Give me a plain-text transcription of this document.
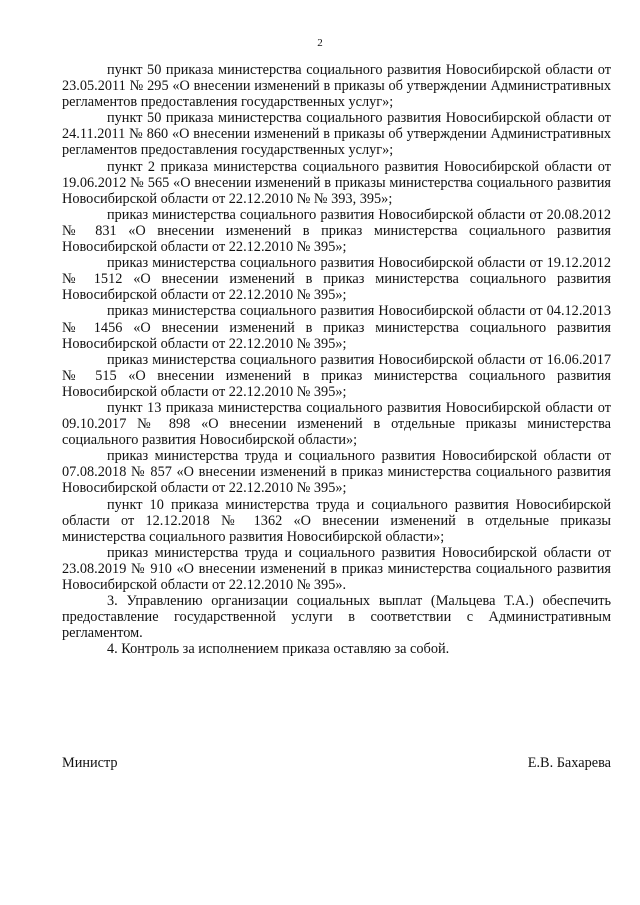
2

пункт 50 приказа министерства социального развития Новосибирской области от 23.05.2011 № 295 «О внесении изменений в приказы об утверждении Административных регламентов предоставления государственных услуг»;

пункт 50 приказа министерства социального развития Новосибирской области от 24.11.2011 № 860 «О внесении изменений в приказы об утверждении Административных регламентов предоставления государственных услуг»;

пункт 2 приказа министерства социального развития Новосибирской области от 19.06.2012 № 565 «О внесении изменений в приказы министерства социального развития Новосибирской области от 22.12.2010 № № 393, 395»;

приказ министерства социального развития Новосибирской области от 20.08.2012 № 831 «О внесении изменений в приказ министерства социального развития Новосибирской области от 22.12.2010 № 395»;

приказ министерства социального развития Новосибирской области от 19.12.2012 № 1512 «О внесении изменений в приказ министерства социального развития Новосибирской области от 22.12.2010 № 395»;

приказ министерства социального развития Новосибирской области от 04.12.2013 № 1456 «О внесении изменений в приказ министерства социального развития Новосибирской области от 22.12.2010 № 395»;

приказ министерства социального развития Новосибирской области от 16.06.2017 № 515 «О внесении изменений в приказ министерства социального развития Новосибирской области от 22.12.2010 № 395»;

пункт 13 приказа министерства социального развития Новосибирской области от 09.10.2017 № 898 «О внесении изменений в отдельные приказы министерства социального развития Новосибирской области»;

приказ министерства труда и социального развития Новосибирской области от 07.08.2018 № 857 «О внесении изменений в приказ министерства социального развития Новосибирской области от 22.12.2010 № 395»;

пункт 10 приказа министерства труда и социального развития Новосибирской области от 12.12.2018 № 1362 «О внесении изменений в отдельные приказы министерства социального развития Новосибирской области»;

приказ министерства труда и социального развития Новосибирской области от 23.08.2019 № 910 «О внесении изменений в приказ министерства социального развития Новосибирской области от 22.12.2010 № 395».

3. Управлению организации социальных выплат (Мальцева Т.А.) обеспечить предоставление государственной услуги в соответствии с Административным регламентом.

4. Контроль за исполнением приказа оставляю за собой.

Министр	Е.В. Бахарева
